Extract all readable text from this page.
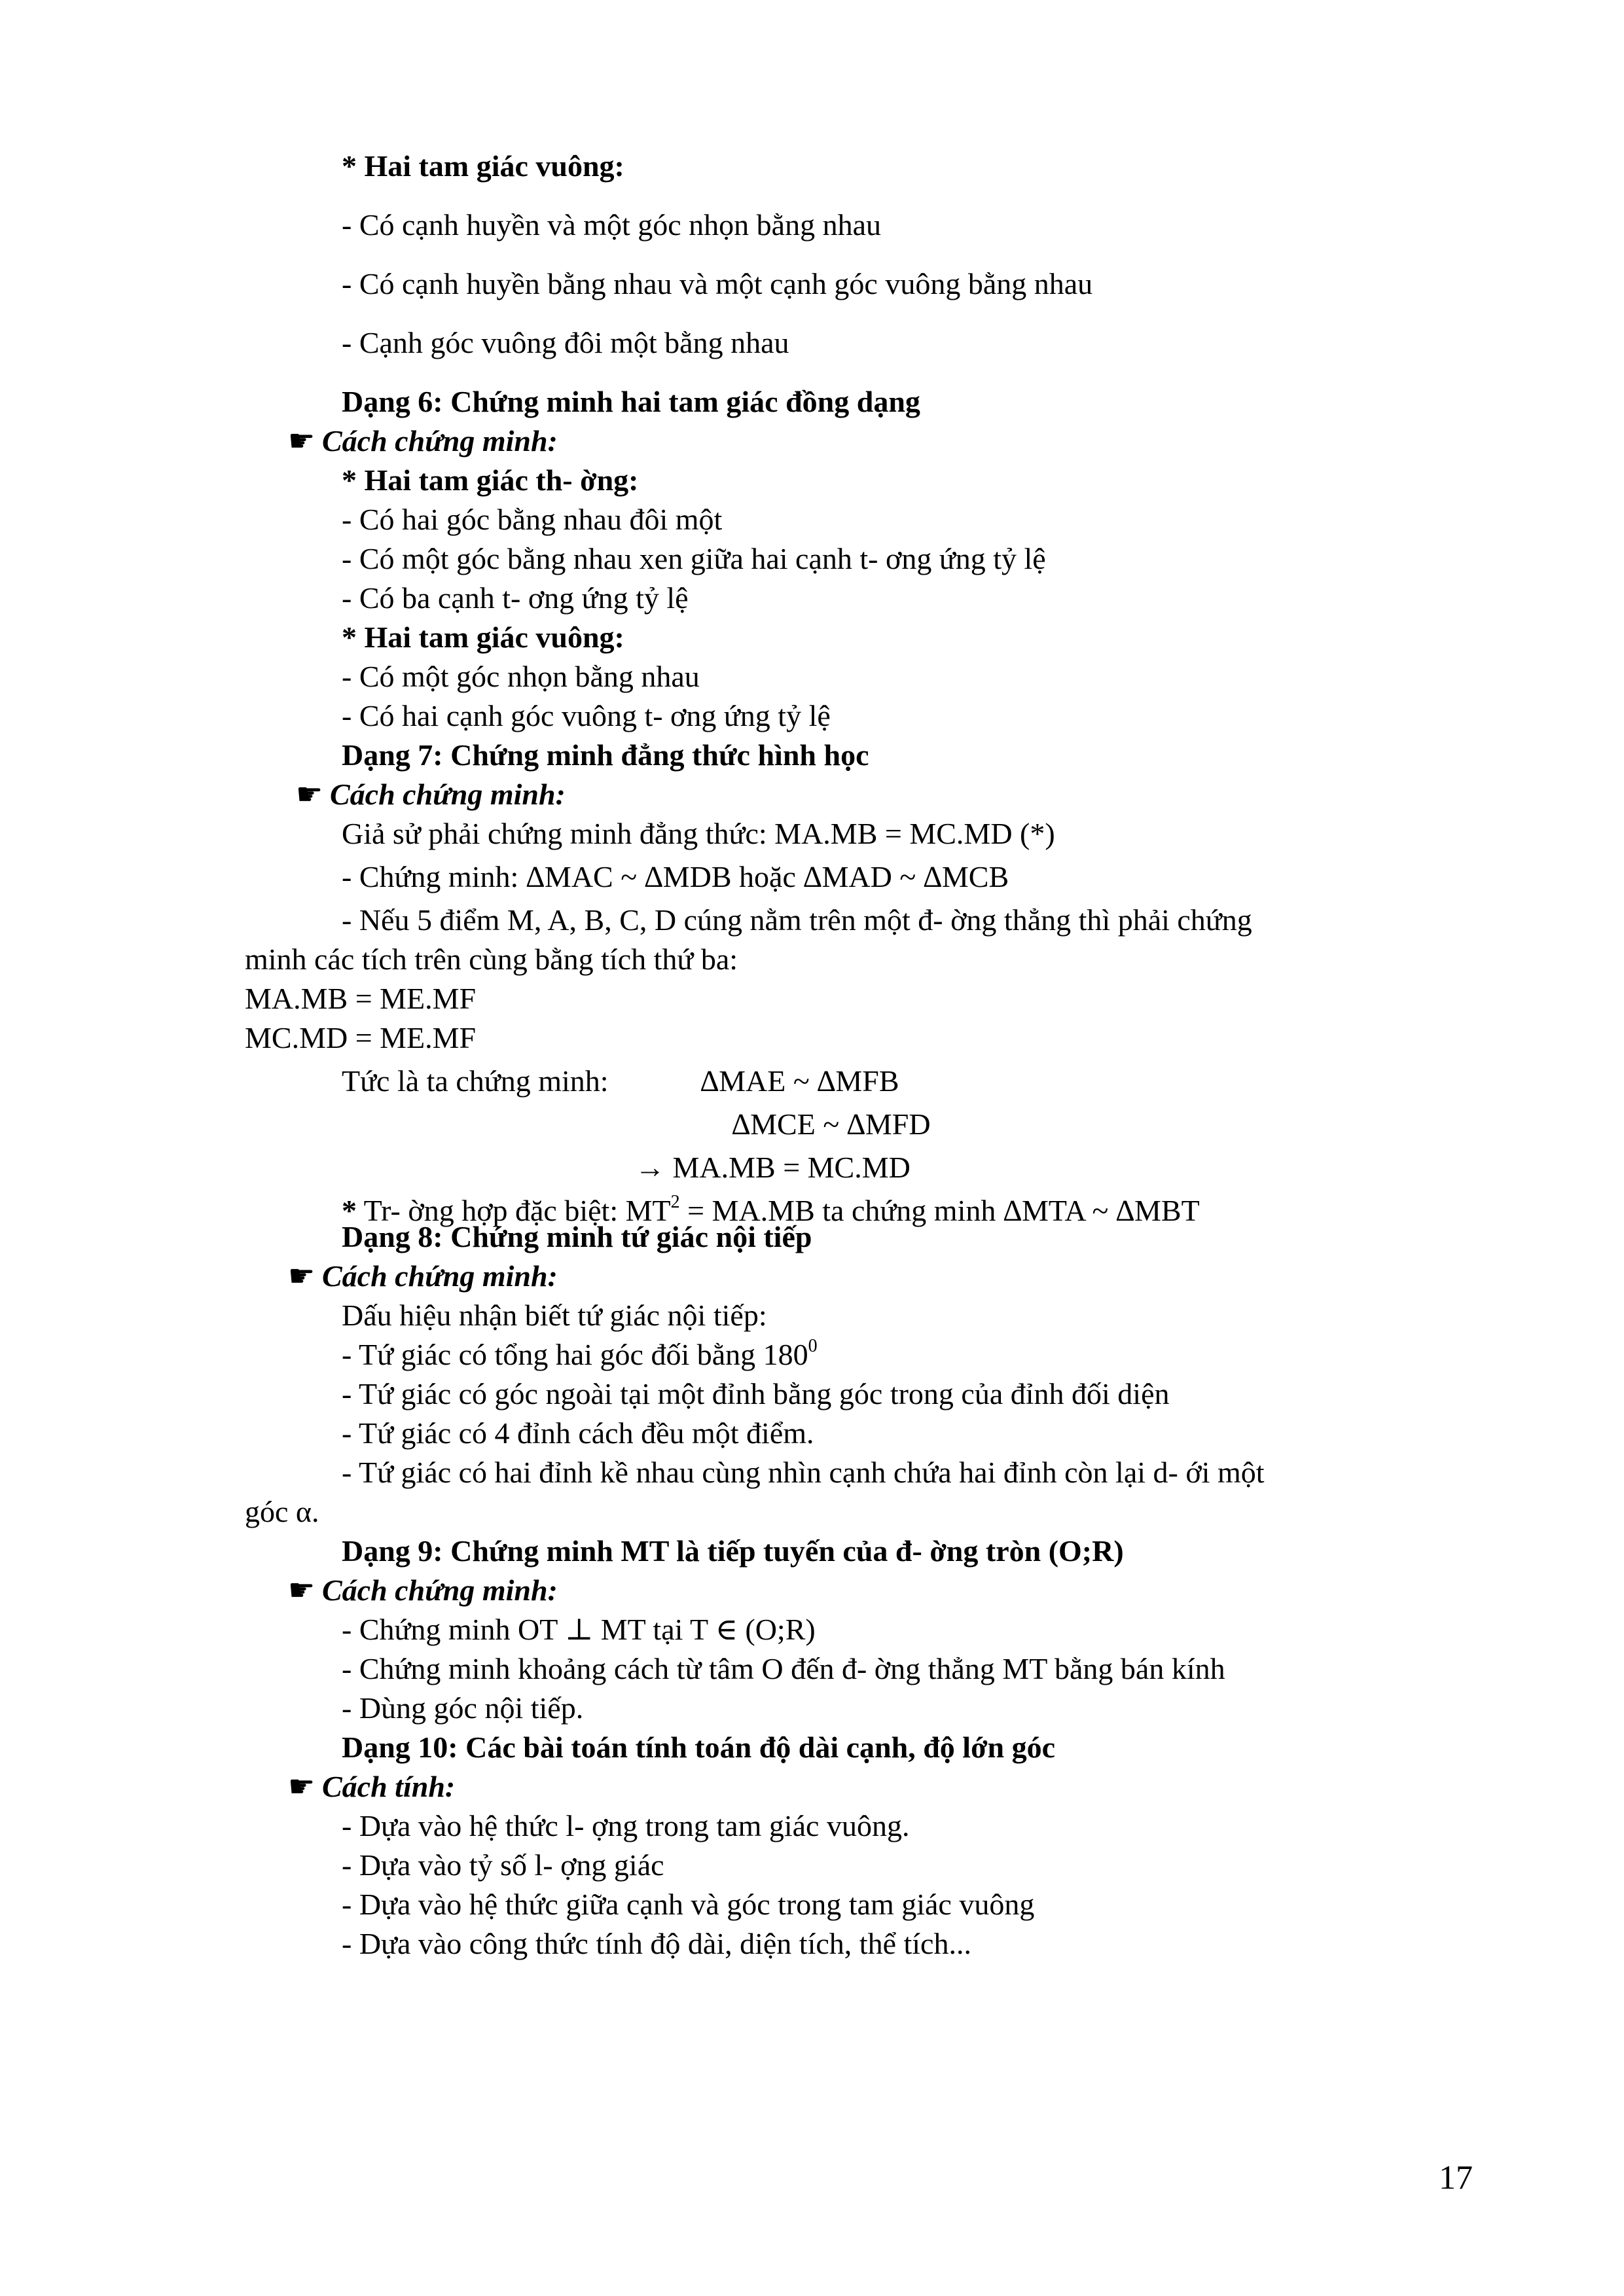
* Hai tam giác vuông:
- Có cạnh huyền và một góc nhọn bằng nhau
- Có cạnh huyền bằng nhau và một cạnh góc vuông bằng nhau
- Cạnh góc vuông đôi một bằng nhau
Dạng 6: Chứng minh hai tam giác đồng dạng
☛ Cách chứng minh:
* Hai tam giác th- ờng:
- Có hai góc bằng nhau đôi một
- Có một góc bằng nhau xen giữa hai cạnh t- ơng ứng tỷ lệ
- Có ba cạnh t- ơng ứng tỷ lệ
* Hai tam giác vuông:
- Có một góc nhọn bằng nhau
- Có hai cạnh góc vuông t- ơng ứng tỷ lệ
Dạng 7: Chứng minh đẳng thức hình học
☛ Cách chứng minh:
Giả sử phải chứng minh đẳng thức: MA.MB = MC.MD (*)
- Chứng minh: ∆MAC ~ ∆MDB hoặc ∆MAD ~ ∆MCB
- Nếu 5 điểm M, A, B, C, D cúng nằm trên một đ- ờng thẳng thì phải chứng
minh các tích trên cùng bằng tích thứ ba:
MA.MB = ME.MF
MC.MD = ME.MF
Tức là ta chứng minh:	∆MAE ~ ∆MFB
∆MCE ~ ∆MFD
→ MA.MB = MC.MD
* Tr- ờng hợp đặc biệt: $MT^2 = MA.MB$ ta chứng minh ∆MTA ~ ∆MBT
Dạng 8: Chứng minh tứ giác nội tiếp
☛ Cách chứng minh:
Dấu hiệu nhận biết tứ giác nội tiếp:
- Tứ giác có tổng hai góc đối bằng $180^0$
- Tứ giác có góc ngoài tại một đỉnh bằng góc trong của đỉnh đối diện
- Tứ giác có 4 đỉnh cách đều một điểm.
- Tứ giác có hai đỉnh kề nhau cùng nhìn cạnh chứa hai đỉnh còn lại d- ới một
góc α.
Dạng 9: Chứng minh MT là tiếp tuyến của đ- ờng tròn (O;R)
☛ Cách chứng minh:
- Chứng minh OT ⊥ MT tại T ∈ (O;R)
- Chứng minh khoảng cách từ tâm O đến đ- ờng thẳng MT bằng bán kính
- Dùng góc nội tiếp.
Dạng 10: Các bài toán tính toán độ dài cạnh, độ lớn góc
☛ Cách tính:
- Dựa vào hệ thức l- ợng trong tam giác vuông.
- Dựa vào tỷ số l- ợng giác
- Dựa vào hệ thức giữa cạnh và góc trong tam giác vuông
- Dựa vào công thức tính độ dài, diện tích, thể tích...
17
